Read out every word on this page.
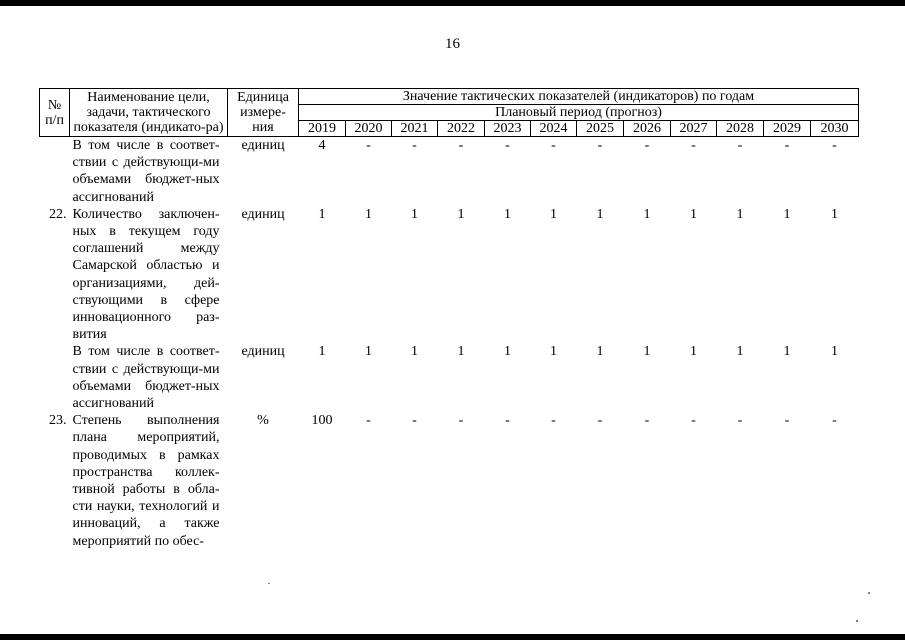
16
№ п/п	Наименование цели, задачи, тактического показателя (индикато-ра)	Единица измере-ния	Значение тактических показателей (индикаторов) по годам											
			Плановый период (прогноз)											
			2019	2020	2021	2022	2023	2024	2025	2026	2027	2028	2029	2030
	В том числе в соответ-ствии с действующи-ми объемами бюджет-ных ассигнований	единиц	4	-	-	-	-	-	-	-	-	-	-	-
22.	Количество заключен-ных в текущем году соглашений между Самарской областью и организациями, дей-ствующими в сфере инновационного раз-вития	единиц	1	1	1	1	1	1	1	1	1	1	1	1
	В том числе в соответ-ствии с действующи-ми объемами бюджет-ных ассигнований	единиц	1	1	1	1	1	1	1	1	1	1	1	1
23.	Степень выполнения плана мероприятий, проводимых в рамках пространства коллек-тивной работы в обла-сти науки, технологий и инноваций, а также мероприятий по обес-	%	100	-	-	-	-	-	-	-	-	-	-	-
